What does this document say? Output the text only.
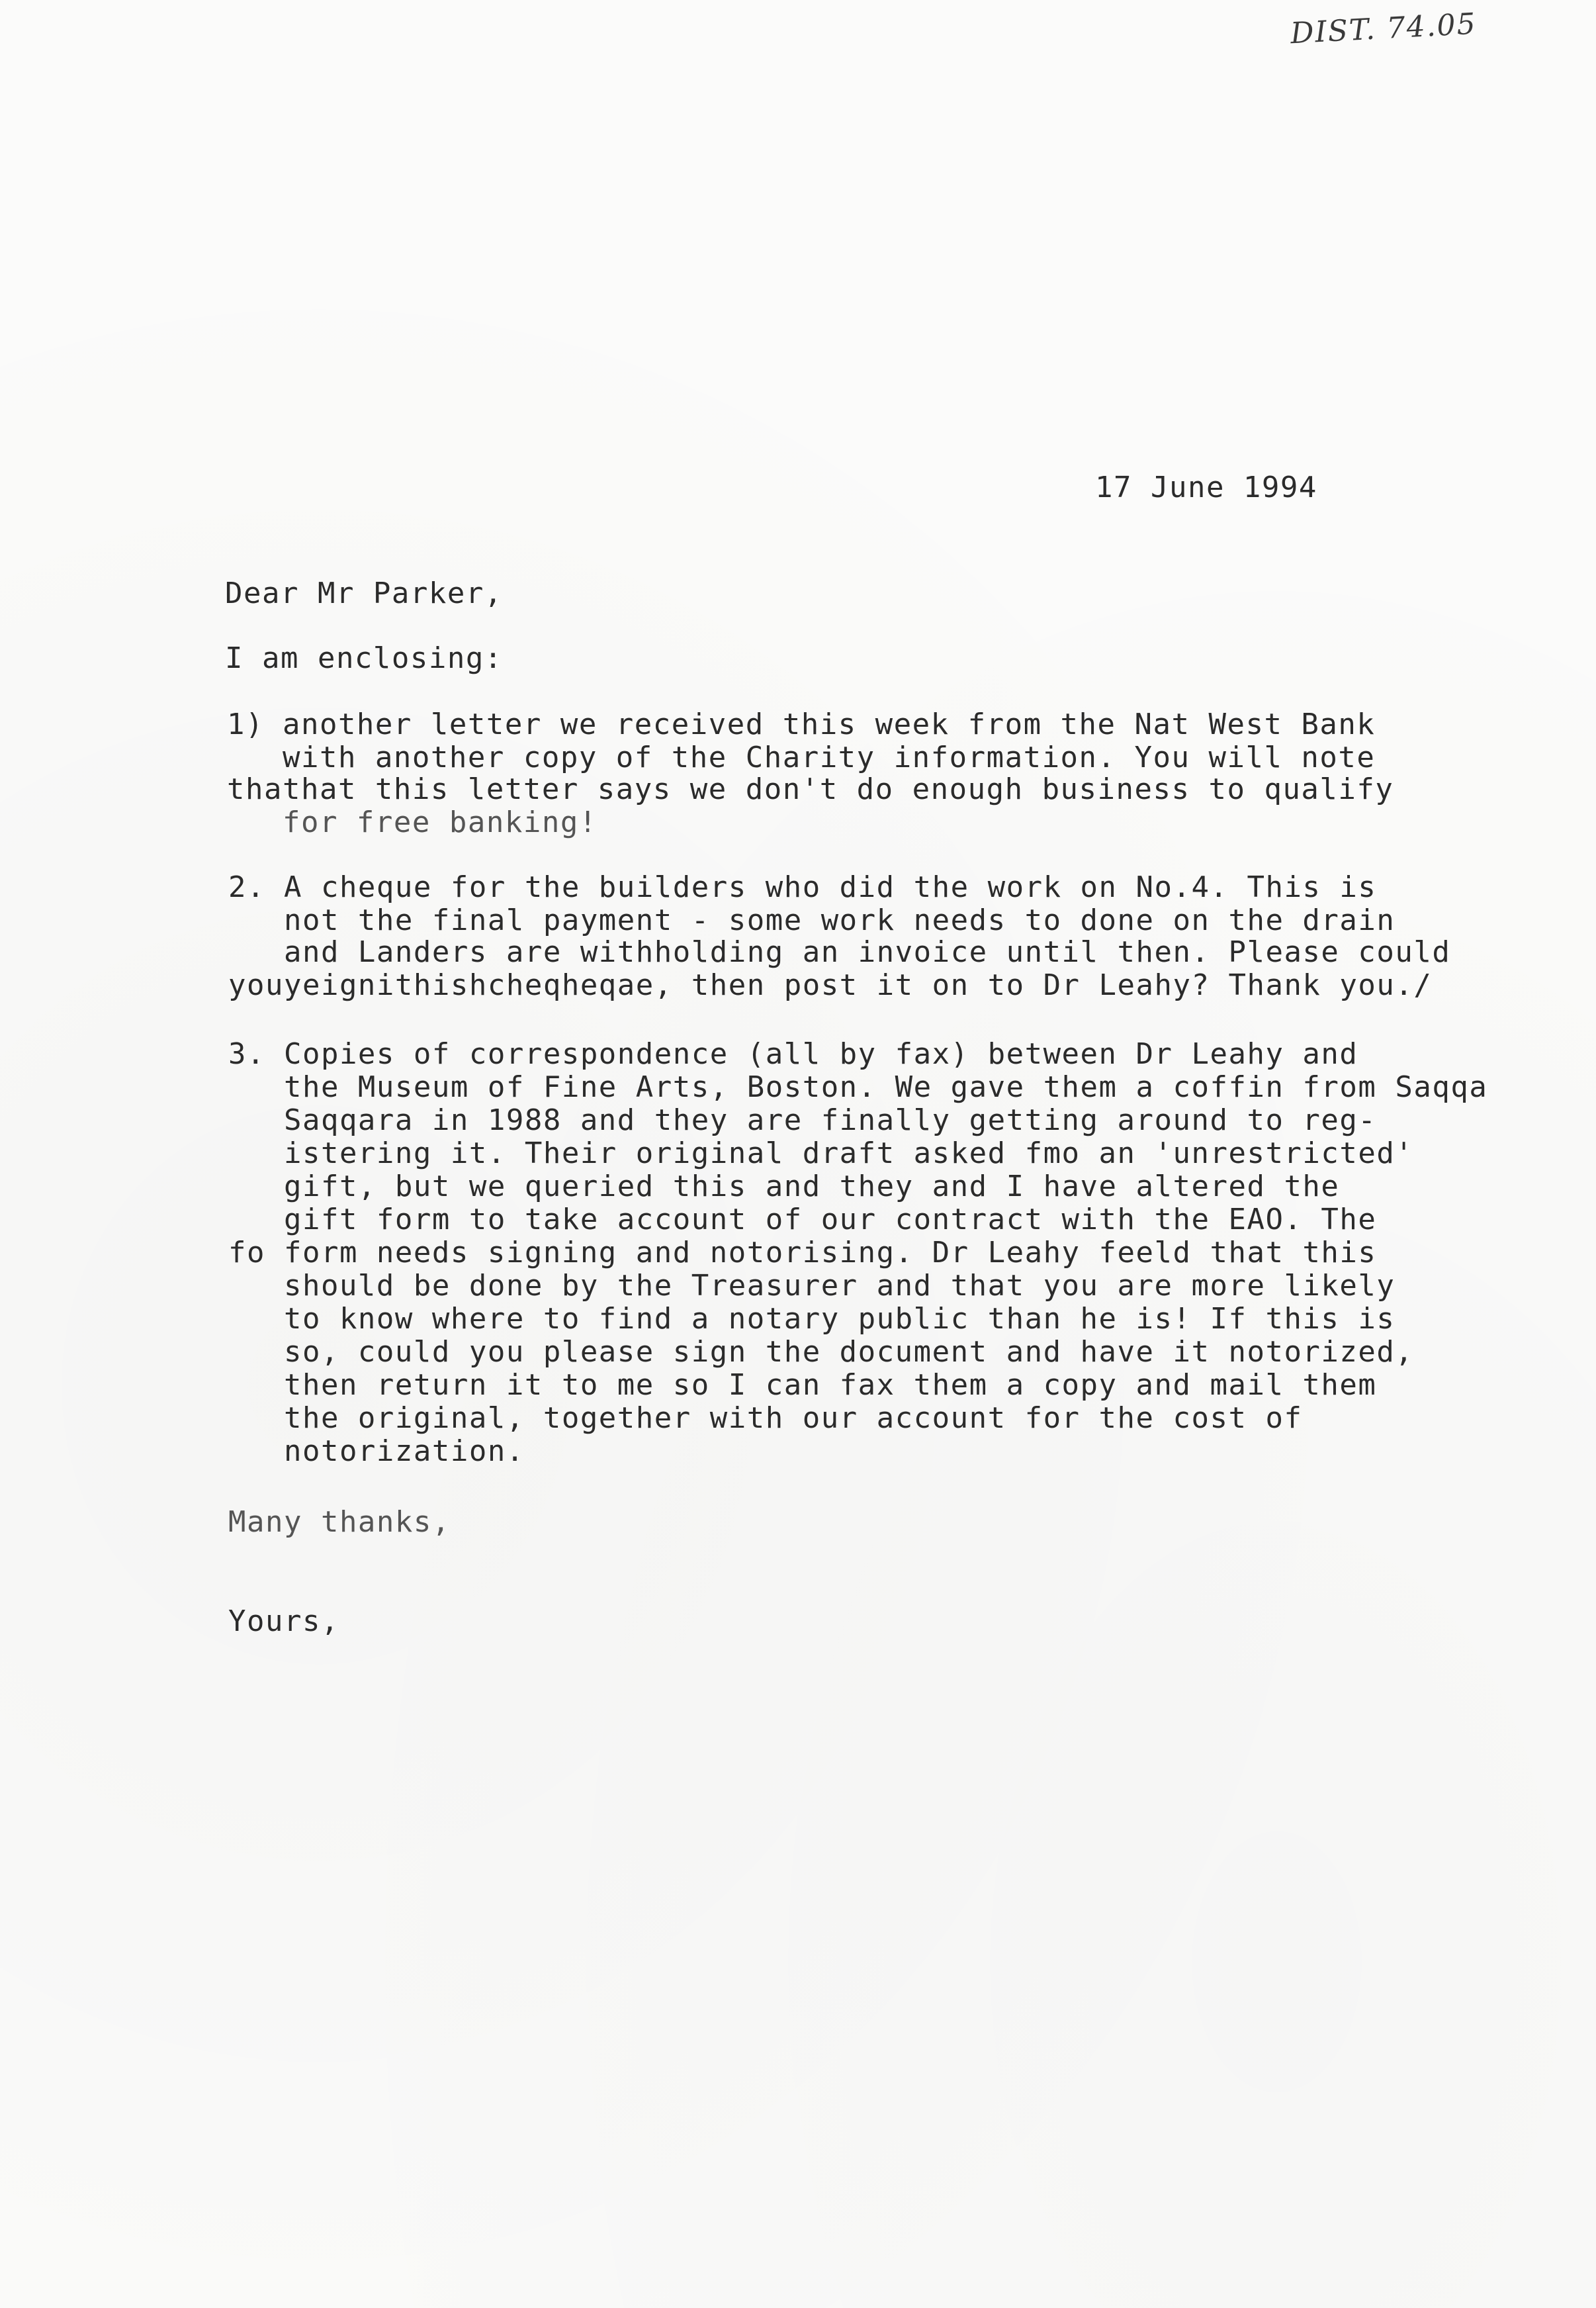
DIST. 74.05
17 June 1994
Dear Mr Parker,
I am enclosing:
1) another letter we received this week from the Nat West Bank
with another copy of the Charity information. You will note
thathat this letter says we don't do enough business to qualify
for free banking!
2. A cheque for the builders who did the work on No.4. This is
not the final payment - some work needs to done on the drain
and Landers are withholding an invoice until then. Please could
youyeignithishcheqheqae, then post it on to Dr Leahy? Thank you./
3. Copies of correspondence (all by fax) between Dr Leahy and
the Museum of Fine Arts, Boston. We gave them a coffin from Saqqa
Saqqara in 1988 and they are finally getting around to reg-
istering it. Their original draft asked fmo an 'unrestricted'
gift, but we queried this and they and I have altered the
gift form to take account of our contract with the EAO. The
fo form needs signing and notorising. Dr Leahy feeld that this
should be done by the Treasurer and that you are more likely
to know where to find a notary public than he is! If this is
so, could you please sign the document and have it notorized,
then return it to me so I can fax them a copy and mail them
the original, together with our account for the cost of
notorization.
Many thanks,
Yours,
